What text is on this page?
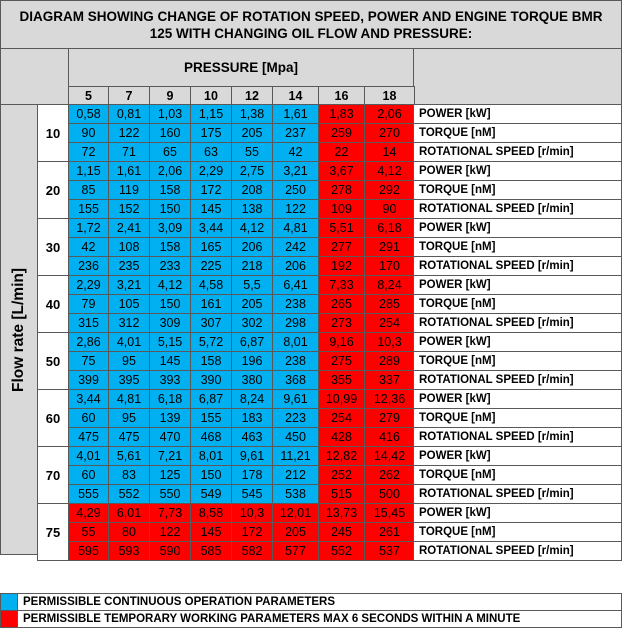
DIAGRAM SHOWING CHANGE OF ROTATION SPEED, POWER AND ENGINE TORQUE BMR 125 WITH CHANGING OIL FLOW AND PRESSURE:
PRESSURE [Mpa]
Flow rate [L/min]
5	7	9	10	12	14	16	18
10
0,58	0,81	1,03	1,15	1,38	1,61	1,83	2,06	POWER [kW]
90	122	160	175	205	237	259	270	TORQUE [nM]
72	71	65	63	55	42	22	14	ROTATIONAL SPEED [r/min]
20
1,15	1,61	2,06	2,29	2,75	3,21	3,67	4,12	POWER [kW]
85	119	158	172	208	250	278	292	TORQUE [nM]
155	152	150	145	138	122	109	90	ROTATIONAL SPEED [r/min]
30
1,72	2,41	3,09	3,44	4,12	4,81	5,51	6,18	POWER [kW]
42	108	158	165	206	242	277	291	TORQUE [nM]
236	235	233	225	218	206	192	170	ROTATIONAL SPEED [r/min]
40
2,29	3,21	4,12	4,58	5,5	6,41	7,33	8,24	POWER [kW]
79	105	150	161	205	238	265	285	TORQUE [nM]
315	312	309	307	302	298	273	254	ROTATIONAL SPEED [r/min]
50
2,86	4,01	5,15	5,72	6,87	8,01	9,16	10,3	POWER [kW]
75	95	145	158	196	238	275	289	TORQUE [nM]
399	395	393	390	380	368	355	337	ROTATIONAL SPEED [r/min]
60
3,44	4,81	6,18	6,87	8,24	9,61	10,99	12,36	POWER [kW]
60	95	139	155	183	223	254	279	TORQUE [nM]
475	475	470	468	463	450	428	416	ROTATIONAL SPEED [r/min]
70
4,01	5,61	7,21	8,01	9,61	11,21	12,82	14,42	POWER [kW]
60	83	125	150	178	212	252	262	TORQUE [nM]
555	552	550	549	545	538	515	500	ROTATIONAL SPEED [r/min]
75
4,29	6,01	7,73	8,58	10,3	12,01	13,73	15,45	POWER [kW]
55	80	122	145	172	205	245	261	TORQUE [nM]
595	593	590	585	582	577	552	537	ROTATIONAL SPEED [r/min]
PERMISSIBLE CONTINUOUS OPERATION PARAMETERS
PERMISSIBLE TEMPORARY WORKING PARAMETERS MAX 6 SECONDS WITHIN A MINUTE
